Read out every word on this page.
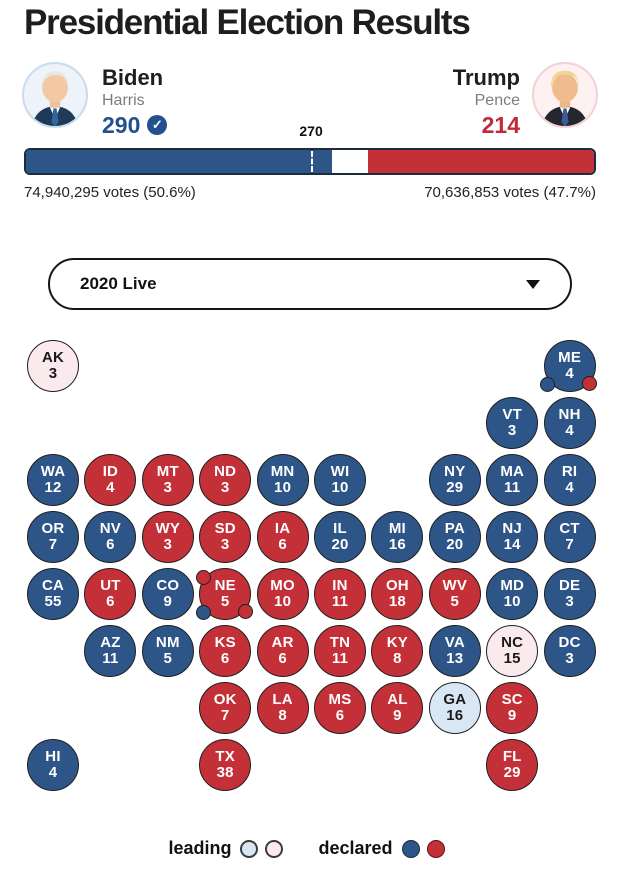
Presidential Election Results
Biden
Harris
290 ✓
Trump
Pence
214
270
74,940,295 votes (50.6%)	70,636,853 votes (47.7%)
2020 Live
AK
3
ME
4
VT
3
NH
4
WA
12
ID
4
MT
3
ND
3
MN
10
WI
10
NY
29
MA
11
RI
4
OR
7
NV
6
WY
3
SD
3
IA
6
IL
20
MI
16
PA
20
NJ
14
CT
7
CA
55
UT
6
CO
9
NE
5
MO
10
IN
11
OH
18
WV
5
MD
10
DE
3
AZ
11
NM
5
KS
6
AR
6
TN
11
KY
8
VA
13
NC
15
DC
3
OK
7
LA
8
MS
6
AL
9
GA
16
SC
9
HI
4
TX
38
FL
29
leading	declared
